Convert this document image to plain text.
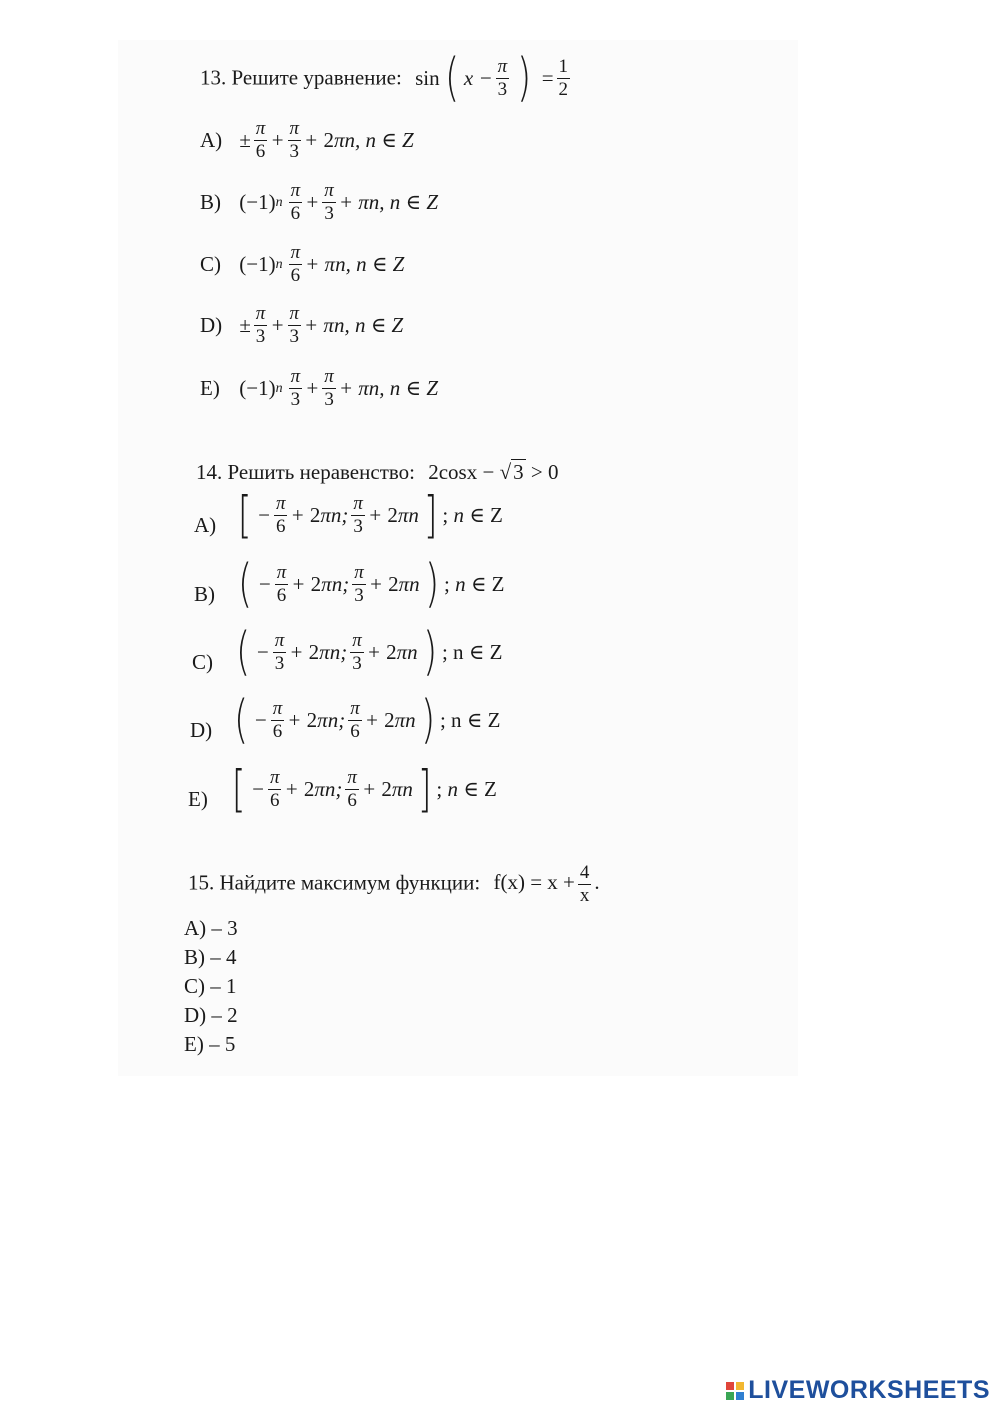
13. Решите уравнение: sin ( $x - \frac{\pi}{3}$ ) = $\frac{1}{2}$
$A) \pm \frac{\pi}{6} + \frac{\pi}{3} + 2$ πn, n ∈ Z
B) (−1) n $\frac{\pi}{6} + \frac{\pi}{3} + \pi n$, n ∈ Z
C) (−1) n $\frac{\pi}{6} + \pi n$, n ∈ Z
$D) \pm \frac{\pi}{3} + \frac{\pi}{3} + \pi n$, n ∈ Z
E) (−1) n $\frac{\pi}{3} + \frac{\pi}{3} + \pi n$, n ∈ Z
14. Решить неравенство: 2cosx − √3 > 0
A) [ − $\frac{\pi}{6} + 2$ πn; $\frac{\pi}{3} + 2$ πn ] ; n ∈
Z
B) ( − $\frac{\pi}{6} + 2$ πn; $\frac{\pi}{3} + 2$ πn ) ; n ∈
Z
C) ( − $\frac{\pi}{3} + 2$ πn; $\frac{\pi}{3} + 2$ πn ) ; n ∈ Z
D) ( − $\frac{\pi}{6} + 2$ πn; $\frac{\pi}{6} + 2$ πn ) ; n ∈ Z
E) [ − $\frac{\pi}{6} + 2$ πn; $\frac{\pi}{6} + 2$ πn ] ; n ∈
Z
15. Найдите максимум функции: $f(x) = x + \frac{4}{x}$ .
A) – 3
B) – 4
C) – 1
D) – 2
E) – 5
LIVEWORKSHEETS
